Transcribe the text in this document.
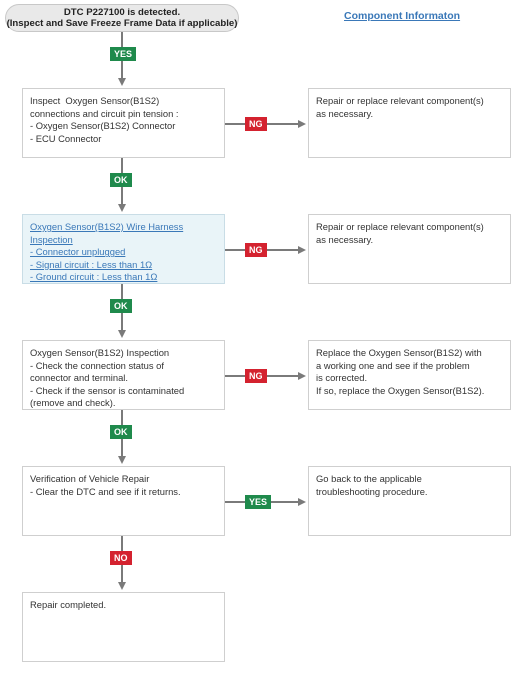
DTC P227100 is detected.
(Inspect and Save Freeze Frame Data if applicable)
Component Informaton
YES
Inspect  Oxygen Sensor(B1S2)
connections and circuit pin tension :
- Oxygen Sensor(B1S2) Connector
- ECU Connector
NG
Repair or replace relevant component(s)
as necessary.
OK
Oxygen Sensor(B1S2) Wire Harness
Inspection
- Connector unplugged
- Signal circuit : Less than 1Ω
- Ground circuit : Less than 1Ω
NG
Repair or replace relevant component(s)
as necessary.
OK
Oxygen Sensor(B1S2) Inspection
- Check the connection status of
connector and terminal.
- Check if the sensor is contaminated
(remove and check).
NG
Replace the Oxygen Sensor(B1S2) with
a working one and see if the problem
is corrected.
If so, replace the Oxygen Sensor(B1S2).
OK
Verification of Vehicle Repair
- Clear the DTC and see if it returns.
YES
Go back to the applicable
troubleshooting procedure.
NO
Repair completed.
